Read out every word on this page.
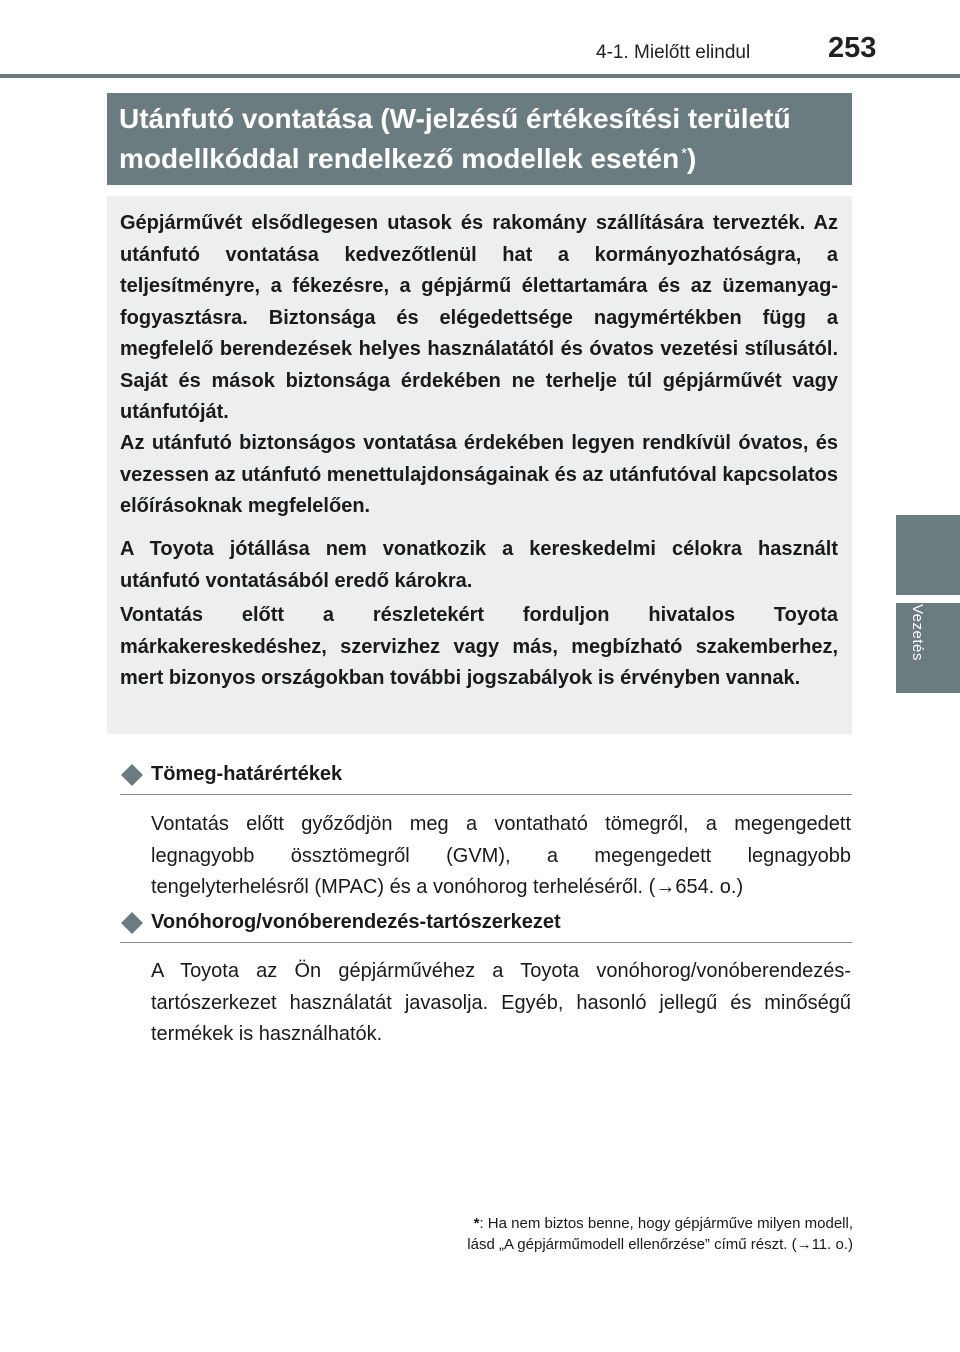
4-1. Mielőtt elindul	253
4
Vezetés
Utánfutó vontatása (W-jelzésű értékesítési területű
modellkóddal rendelkező modellek esetén *)

Gépjárművét elsődlegesen utasok és rakomány szállítására tervezték. Az utánfutó vontatása kedvezőtlenül hat a kormányozhatóságra, a teljesítményre, a fékezésre, a gépjármű élettartamára és az üzemanyag-fogyasztásra. Biztonsága és elégedettsége nagymértékben függ a megfelelő berendezések helyes használatától és óvatos vezetési stílusától. Saját és mások biztonsága érdekében ne terhelje túl gépjárművét vagy utánfutóját.

Az utánfutó biztonságos vontatása érdekében legyen rendkívül óvatos, és vezessen az utánfutó menettulajdonságainak és az utánfutóval kapcsolatos előírásoknak megfelelően.

A Toyota jótállása nem vonatkozik a kereskedelmi célokra használt utánfutó vontatásából eredő károkra.

Vontatás előtt a részletekért forduljon hivatalos Toyota márkakereskedéshez, szervizhez vagy más, megbízható szakemberhez, mert bizonyos országokban további jogszabályok is érvényben vannak.

Tömeg-határértékek

Vontatás előtt győződjön meg a vontatható tömegről, a megengedett legnagyobb össztömegről (GVM), a megengedett legnagyobb tengelyterhelésről (MPAC) és a vonóhorog terheléséről. (→654. o.)

Vonóhorog/vonóberendezés-tartószerkezet

A Toyota az Ön gépjárművéhez a Toyota vonóhorog/vonóberendezés-tartószerkezet használatát javasolja. Egyéb, hasonló jellegű és minőségű termékek is használhatók.

*: Ha nem biztos benne, hogy gépjárműve milyen modell,
lásd „A gépjárműmodell ellenőrzése” című részt. (→11. o.)
